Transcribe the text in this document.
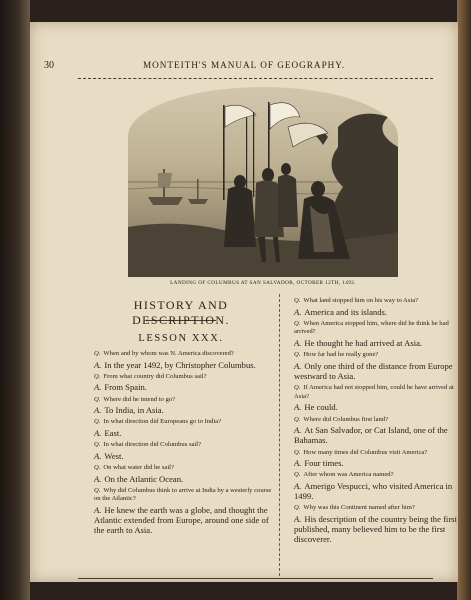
30	MONTEITH'S MANUAL OF GEOGRAPHY.
LANDING OF COLUMBUS AT SAN SALVADOR, OCTOBER 12TH, 1492.
HISTORY AND DESCRIPTION.
LESSON XXX.

Q. When and by whom was N. America discovered?

A. In the year 1492, by Christopher Columbus.

Q. From what country did Columbus sail?

A. From Spain.

Q. Where did he intend to go?

A. To India, in Asia.

Q. In what direction did Europeans go to India?

A. East.

Q. In what direction did Columbus sail?

A. West.

Q. On what water did he sail?

A. On the Atlantic Ocean.

Q. Why did Columbus think to arrive at India by a westerly course on the Atlantic?

A. He knew the earth was a globe, and thought the Atlantic extended from Europe, around one side of the earth to Asia.

Q. What land stopped him on his way to Asia?

A. America and its islands.

Q. When America stopped him, where did he think he had arrived?

A. He thought he had arrived at Asia.

Q. How far had he really gone?

A. Only one third of the distance from Europe westward to Asia.

Q. If America had not stopped him, could he have arrived at Asia?

A. He could.

Q. Where did Columbus first land?

A. At San Salvador, or Cat Island, one of the Bahamas.

Q. How many times did Columbus visit America?

A. Four times.

Q. After whom was America named?

A. Amerigo Vespucci, who visited America in 1499.

Q. Why was this Continent named after him?

A. His description of the country being the first published, many believed him to be the first discoverer.
